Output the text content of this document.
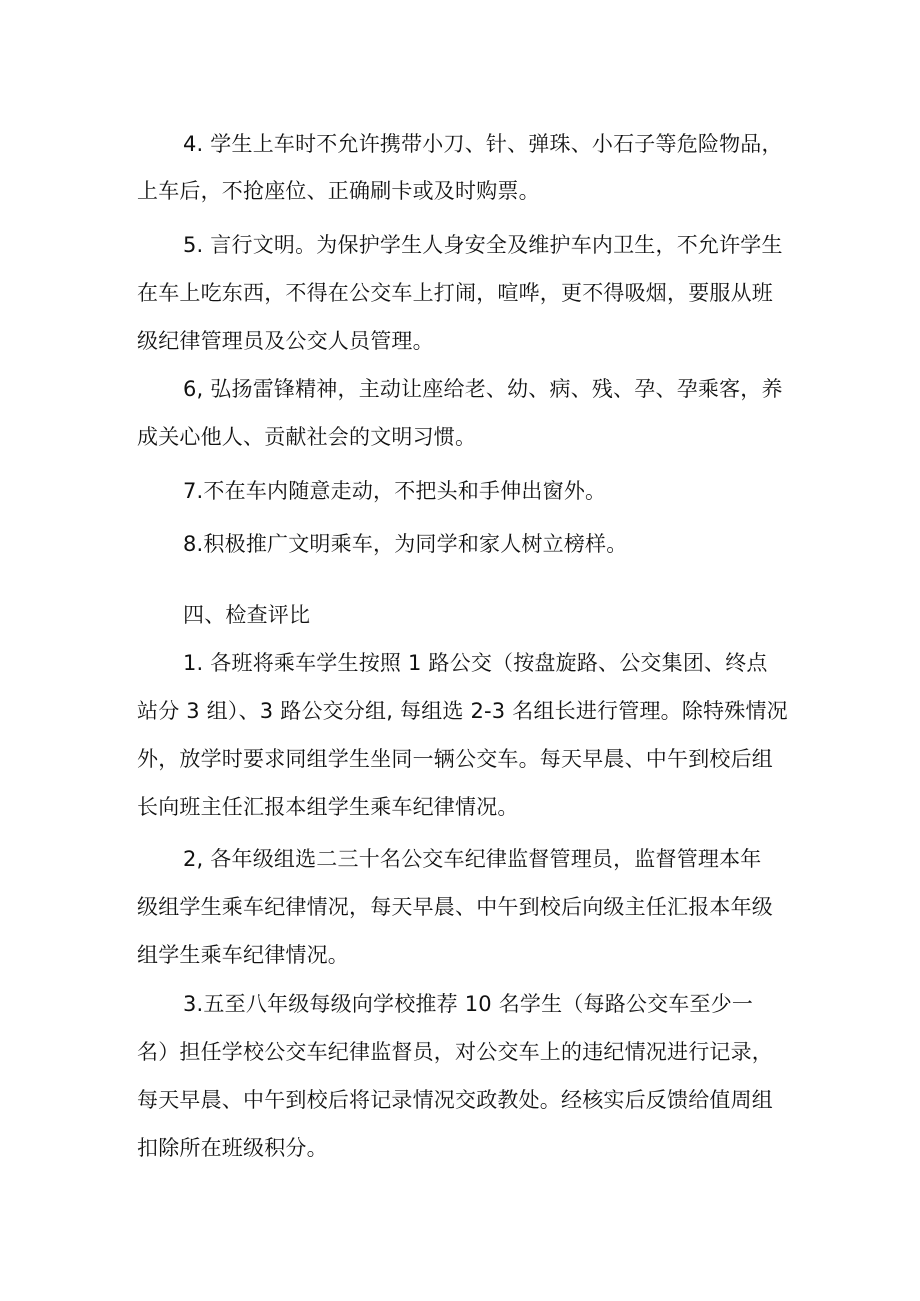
4. 学生上车时不允许携带小刀、针、弹珠、小石子等危险物品，
上车后，不抢座位、正确刷卡或及时购票。
5. 言行文明。为保护学生人身安全及维护车内卫生，不允许学生
在车上吃东西，不得在公交车上打闹，喧哗，更不得吸烟，要服从班
级纪律管理员及公交人员管理。
6, 弘扬雷锋精神，主动让座给老、幼、病、残、孕、孕乘客，养
成关心他人、贡献社会的文明习惯。
7.不在车内随意走动，不把头和手伸出窗外。
8.积极推广文明乘车，为同学和家人树立榜样。
四、检查评比
1. 各班将乘车学生按照 1 路公交（按盘旋路、公交集团、终点
站分 3 组）、3 路公交分组, 每组选 2-3 名组长进行管理。除特殊情况
外，放学时要求同组学生坐同一辆公交车。每天早晨、中午到校后组
长向班主任汇报本组学生乘车纪律情况。
2, 各年级组选二三十名公交车纪律监督管理员，监督管理本年
级组学生乘车纪律情况，每天早晨、中午到校后向级主任汇报本年级
组学生乘车纪律情况。
3.五至八年级每级向学校推荐 10 名学生（每路公交车至少一
名）担任学校公交车纪律监督员，对公交车上的违纪情况进行记录，
每天早晨、中午到校后将记录情况交政教处。经核实后反馈给值周组
扣除所在班级积分。
